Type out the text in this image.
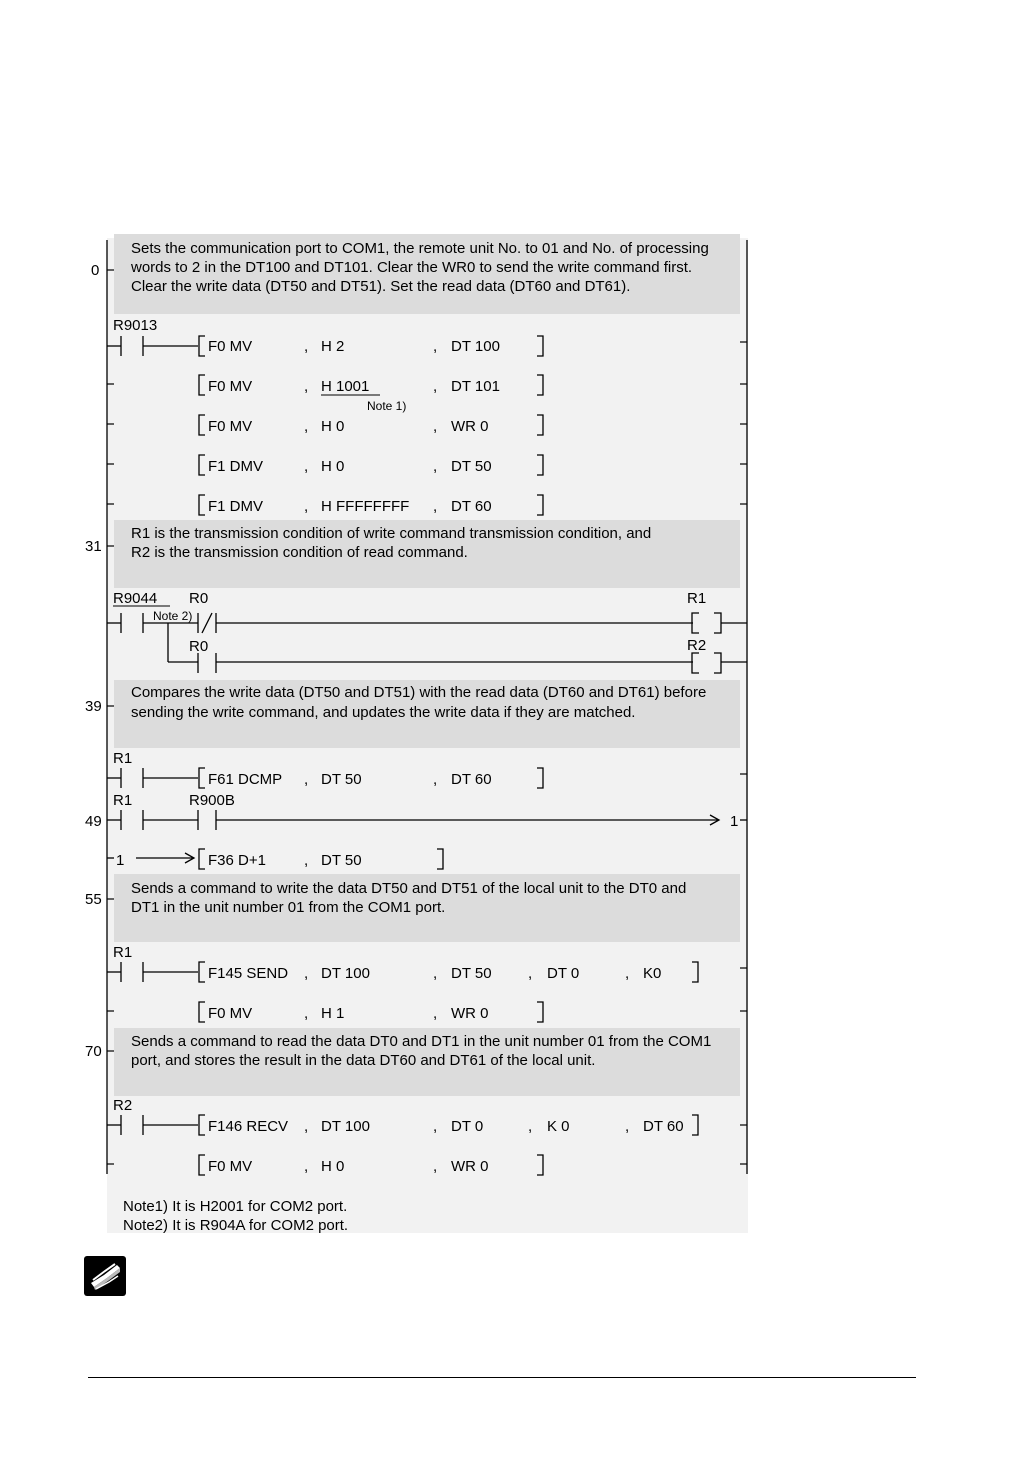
Sets the communication port to COM1, the remote unit No. to 01 and No. of processing
words to 2 in the DT100 and DT101. Clear the WR0 to send the write command first.
Clear the write data (DT50 and DT51). Set the read data (DT60 and DT61).
R1 is the transmission condition of write command transmission condition, and
R2 is the transmission condition of read command.
Compares the write data (DT50 and DT51) with the read data (DT60 and DT61) before
sending the write command, and updates the write data if they are matched.
Sends a command to write the data DT50 and DT51 of the local unit to the DT0 and
DT1 in the unit number 01 from the COM1 port.
Sends a command to read the data DT0 and DT1 in the unit number 01 from the COM1
port, and stores the result in the data DT60 and DT61 of the local unit.
0
31
39
49
55
70
R9013
F0 MV	, H 2	, DT 100
F0 MV	, H 1001	, DT 101
Note 1)
F0 MV	, H 0	, WR 0
F1 DMV	, H 0	, DT 50
F1 DMV	, H FFFFFFFF , DT 60
R9044
Note 2)
R0	R1
R0	R2
R1
F61 DCMP , DT 50	, DT 60
R1	R900B
1
1	F36 D+1	, DT 50
R1
F145 SEND , DT 100	, DT 50 , DT 0	, K0
F0 MV	, H 1	, WR 0
R2
F146 RECV , DT 100	, DT 0	, K 0	, DT 60
F0 MV	, H 0	, WR 0
Note1) It is H2001 for COM2 port.
Note2) It is R904A for COM2 port.
